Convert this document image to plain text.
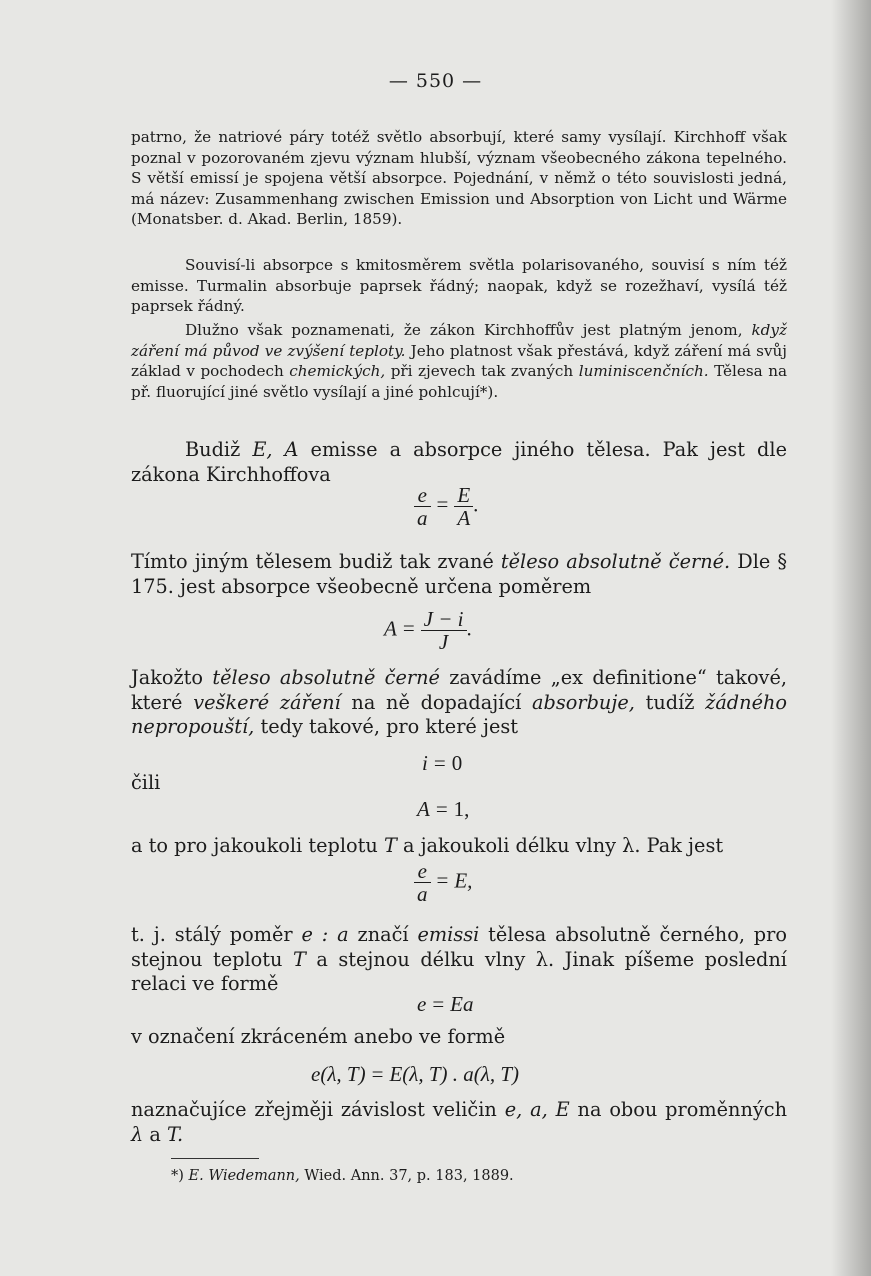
— 550 —
patrno, že natriové páry totéž světlo absorbují, které samy vysílají. Kirchhoff však poznal v pozorovaném zjevu význam hlubší, význam všeobecného zákona tepelného. S větší emissí je spojena větší absorpce. Pojednání, v němž o této souvislosti jedná, má název: Zusammenhang zwischen Emission und Absorption von Licht und Wärme (Monatsber. d. Akad. Berlin, 1859).
Souvisí-li absorpce s kmitosměrem světla polarisovaného, souvisí s ním též emisse. Turmalin absorbuje paprsek řádný; naopak, když se rozežhaví, vysílá též paprsek řádný.
Dlužno však poznamenati, že zákon Kirchhoffův jest platným jenom, když záření má původ ve zvýšení teploty. Jeho platnost však přestává, když záření má svůj základ v pochodech chemických, při zjevech tak zvaných luminiscenčních. Tělesa na př. fluorující jiné světlo vysílají a jiné pohlcují*).
Budiž E, A emisse a absorpce jiného tělesa. Pak jest dle zákona Kirchhoffova
$\frac{e}{a} = \frac{E}{A}$ .
Tímto jiným tělesem budiž tak zvané těleso absolutně černé. Dle § 175. jest absorpce všeobecně určena poměrem
$A = \frac{J - i}{J}$ .
Jakožto těleso absolutně černé zavádíme „ex definitione“ takové, které veškeré záření na ně dopadající absorbuje, tudíž žádného nepropouští, tedy takové, pro které jest
i = 0
čili
A = 1,
a to pro jakoukoli teplotu T a jakoukoli délku vlny λ. Pak jest
$\frac{e}{a} = E$,
t. j. stálý poměr e : a značí emissi tělesa absolutně černého, pro stejnou teplotu T a stejnou délku vlny λ. Jinak píšeme poslední relaci ve formě
e = Ea
v označení zkráceném anebo ve formě
e(λ, T) = E(λ, T) . a(λ, T)
naznačujíce zřejměji závislost veličin e, a, E na obou proměnných λ a T.
*) E. Wiedemann, Wied. Ann. 37, p. 183, 1889.
